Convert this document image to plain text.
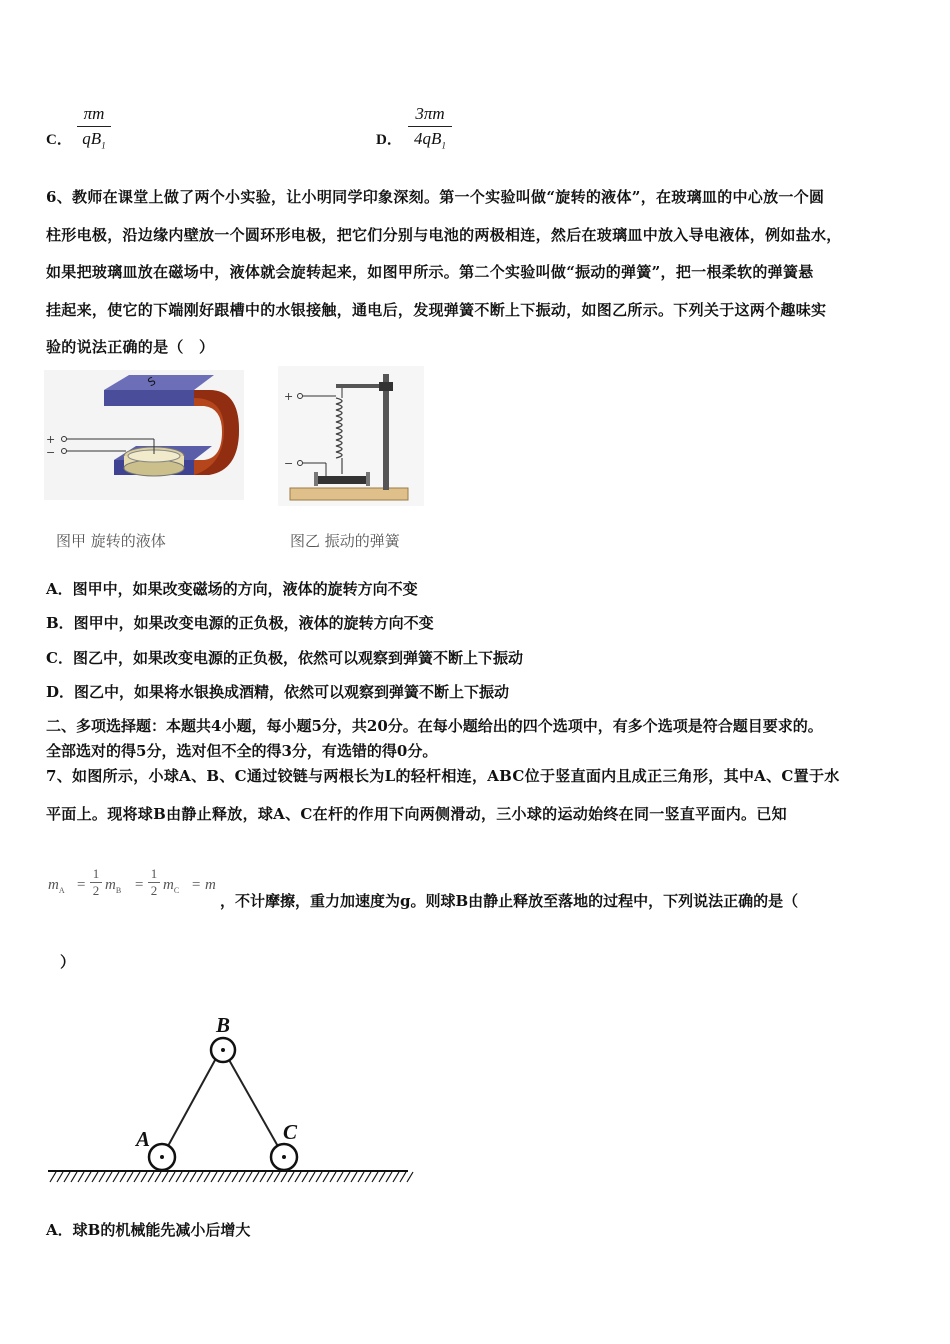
C． $\frac{\pi m}{qB_1}$	D． $\frac{3\pi m}{4qB_1}$
6、教师在课堂上做了两个小实验，让小明同学印象深刻。第一个实验叫做“旋转的液体”，在玻璃皿的中心放一个圆
柱形电极，沿边缘内壁放一个圆环形电极，把它们分别与电池的两极相连，然后在玻璃皿中放入导电液体，例如盐水，
如果把玻璃皿放在磁场中，液体就会旋转起来，如图甲所示。第二个实验叫做“振动的弹簧”，把一根柔软的弹簧悬
挂起来，使它的下端刚好跟槽中的水银接触，通电后，发现弹簧不断上下振动，如图乙所示。下列关于这两个趣味实
验的说法正确的是（　）
S
+
−
图甲 旋转的液体
+
−
图乙 振动的弹簧
A．图甲中，如果改变磁场的方向，液体的旋转方向不变
B．图甲中，如果改变电源的正负极，液体的旋转方向不变
C．图乙中，如果改变电源的正负极，依然可以观察到弹簧不断上下振动
D．图乙中，如果将水银换成酒精，依然可以观察到弹簧不断上下振动
二、多项选择题：本题共4小题，每小题5分，共20分。在每小题给出的四个选项中，有多个选项是符合题目要求的。
全部选对的得5分，选对但不全的得3分，有选错的得0分。
7、如图所示，小球A、B、C通过铰链与两根长为L的轻杆相连，ABC位于竖直面内且成正三角形，其中A、C置于水
平面上。现将球B由静止释放，球A、C在杆的作用下向两侧滑动，三小球的运动始终在同一竖直平面内。已知
$m_A = \frac{1}{2} m_B = \frac{1}{2} m_C = m$
，不计摩擦，重力加速度为g。则球B由静止释放至落地的过程中，下列说法正确的是（
）
B
A	C
A．球B的机械能先减小后增大
